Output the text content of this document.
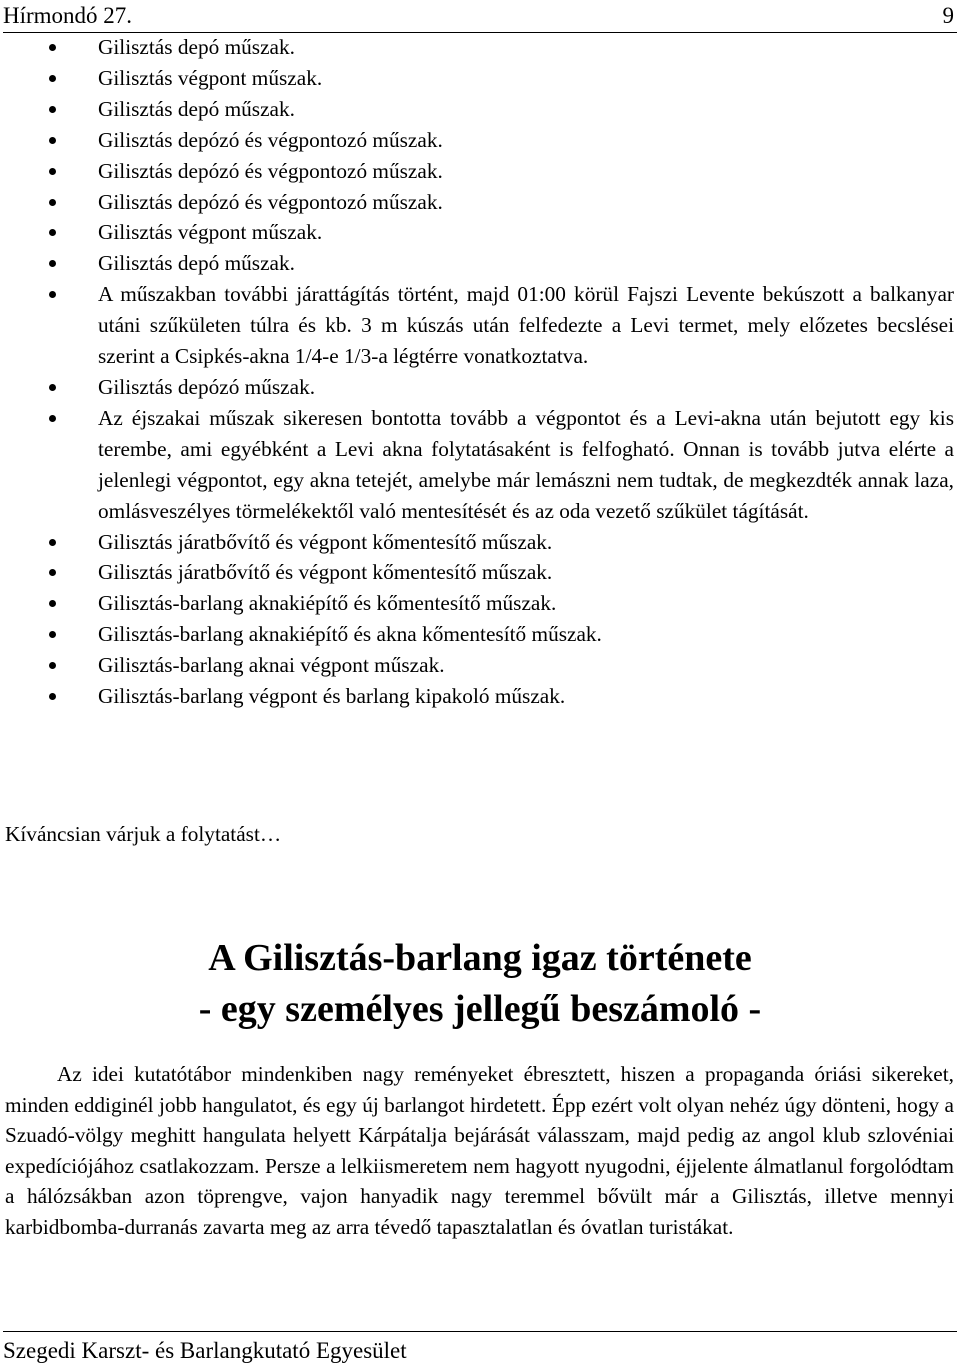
Hírmondó 27.	9
Gilisztás depó műszak.
Gilisztás végpont műszak.
Gilisztás depó műszak.
Gilisztás depózó és végpontozó műszak.
Gilisztás depózó és végpontozó műszak.
Gilisztás depózó és végpontozó műszak.
Gilisztás végpont műszak.
Gilisztás depó műszak.
A műszakban további járattágítás történt, majd 01:00 körül Fajszi Levente bekúszott a balkanyar utáni szűkületen túlra és kb. 3 m kúszás után felfedezte a Levi termet, mely előzetes becslései szerint a Csipkés-akna 1/4-e 1/3-a légtérre vonatkoztatva.
Gilisztás depózó műszak.
Az éjszakai műszak sikeresen bontotta tovább a végpontot és a Levi-akna után bejutott egy kis terembe, ami egyébként a Levi akna folytatásaként is felfogható. Onnan is tovább jutva elérte a jelenlegi végpontot, egy akna tetejét, amelybe már lemászni nem tudtak, de megkezdték annak laza, omlásveszélyes törmelékektől való mentesítését és az oda vezető szűkület tágítását.
Gilisztás járatbővítő és végpont kőmentesítő műszak.
Gilisztás járatbővítő és végpont kőmentesítő műszak.
Gilisztás-barlang aknakiépítő és kőmentesítő műszak.
Gilisztás-barlang aknakiépítő és akna kőmentesítő műszak.
Gilisztás-barlang aknai végpont műszak.
Gilisztás-barlang végpont és barlang kipakoló műszak.
Kíváncsian várjuk a folytatást…
A Gilisztás-barlang igaz története
- egy személyes jellegű beszámoló -

Az idei kutatótábor mindenkiben nagy reményeket ébresztett, hiszen a propaganda óriási sikereket, minden eddiginél jobb hangulatot, és egy új barlangot hirdetett. Épp ezért volt olyan nehéz úgy dönteni, hogy a Szuadó-völgy meghitt hangulata helyett Kárpátalja bejárását válasszam, majd pedig az angol klub szlovéniai expedíciójához csatlakozzam. Persze a lelkiismeretem nem hagyott nyugodni, éjjelente álmatlanul forgolódtam a hálózsákban azon töprengve, vajon hanyadik nagy teremmel bővült már a Gilisztás, illetve mennyi karbidbomba-durranás zavarta meg az arra tévedő tapasztalatlan és óvatlan turistákat.

Szegedi Karszt- és Barlangkutató Egyesület
